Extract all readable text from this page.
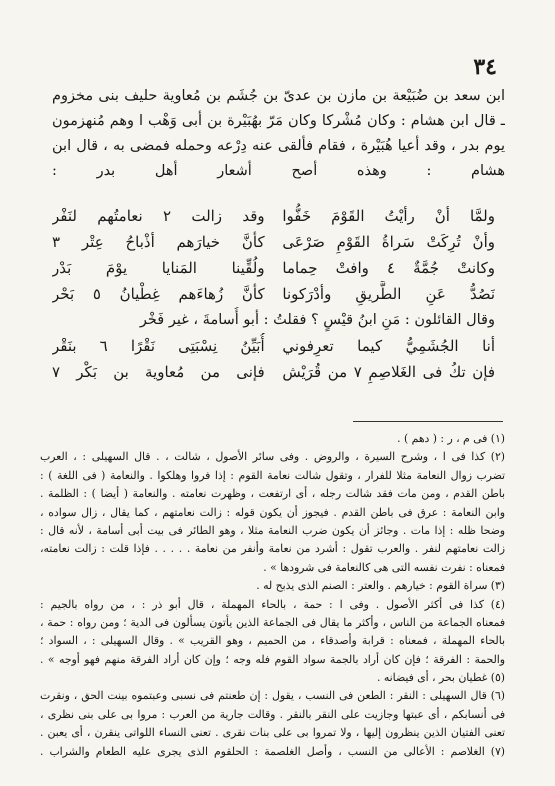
٣٤
ابن سعد بن ضُبَيْعة بن مازن بن عدىّ بن جُشَم بن مُعاوية حليف بنى مخزوم
ـ قال ابن هشام : وكان مُشْركا وكان مَرّ بهُبَيْرة بن أبى وَهْب ا وهم مُنهزمون
يوم بدر ، وقد أعيا هُبَيْرة ، فقام فألقى عنه دِرْعه وحمله فمضى به ، قال ابن
هشام : وهذه أصح أشعار أهل بدر :
ولمَّا أنْ رأيْتُ القَوْمَ خَفُّوا
وقد زالت ٢ نعامتُهم لنَفْر
وأنْ تُرِكَتْ سَراةُ القَوْمِ صَرْعَى
كأنَّ خيارَهم أذْباحُ عِتْر ٣
وكانتْ جُمَّةٌ ٤ وافتْ حِماما
ولُقِّينا المَنايا يوْمَ بَدْر
نَصُدُّ عَنِ الطَّريقِ وأدْرَكونا
كأنَّ زُهاءَهم غِطْيانُ ٥ بَحْر
وقال القائلون : مَنِ ابنُ قيْسٍ ؟ فقلتُ : أبو أُسامةَ ، غير فَخْر
أنا الجُشَمِيُّ كيما تعرِفوني
أُبَيِّنُ نِسْبَتِى نَقْرًا ٦ بنَقْر
فإن تكُ فى الغَلاصِمِ ٧ من قُرَيْش
فإنى من مُعاوية بن بَكْر ٧
(١) فى م ، ر : ( دهم ) .
(٢) كذا فى ا ، وشرح السيرة ، والروض . وفى سائر الأصول ، شالت ، . قال السهيلى : ، العرب
تضرب زوال النعامة مثلا للفرار ، وتقول شالت نعامة القوم : إذا فروا وهلكوا . والنعامة ( فى اللغة ) :
باطن القدم ، ومن مات فقد شالت رجله ، أى ارتفعت ، وظهرت نعامته . والنعامة ( أيضا ) : الظلمة .
وابن النعامة : عرق فى باطن القدم . فيجوز أن يكون قوله : زالت نعامتهم ، كما يقال ، زال سواده ،
وضحا ظله : إذا مات . وجائز أن يكون ضرب النعامة مثلا ، وهو الطائر فى بيت أبى أسامة ، لأنه قال :
زالت نعامتهم لنفر . والعرب تقول : أشرد من نعامة وأنفر من نعامة . . . . . فإذا قلت : زالت نعامته،
فمعناه : نفرت نفسه التى هى كالنعامة فى شرودها » .
(٣) سراة القوم : خيارهم . والعتر : الصنم الذى يذبح له .
(٤) كذا فى أكثر الأصول . وفى ا : حمة ، بالحاء المهملة ، قال أبو ذر : ، من رواه بالجيم :
فمعناه الجماعة من الناس ، وأكثر ما يقال فى الجماعة الذين يأتون يسألون فى الدية ؛ ومن رواه : حمة ،
بالحاء المهملة ، فمعناه : قرابة وأصدقاء ، من الحميم ، وهو القريب » . وقال السهيلى : ، السواد ؛
والحمة : الفرقة ؛ فإن كان أراد بالجمة سواد القوم فله وجه ؛ وإن كان أراد الفرقة منهم فهو أوجه » .
(٥) غطيان بحر ، أى فيضانه .
(٦) قال السهيلى : النقر : الطعن فى النسب ، يقول : إن طعنتم فى نسبى وعبتموه بينت الحق ، ونقرت
فى أنسابكم ، أى عبتها وجازيت على النقر بالنقر . وقالت جارية من العرب : مروا بى على بنى نظرى ،
تعنى الفتيان الذين ينظرون إليها ، ولا تمروا بى على بنات نقرى . تعنى النساء اللواتى ينقرن ، أى يعبن .
(٧) الغلاصم : الأعالى من النسب ، وأصل الغلصمة : الحلقوم الذى يجرى عليه الطعام والشراب .
